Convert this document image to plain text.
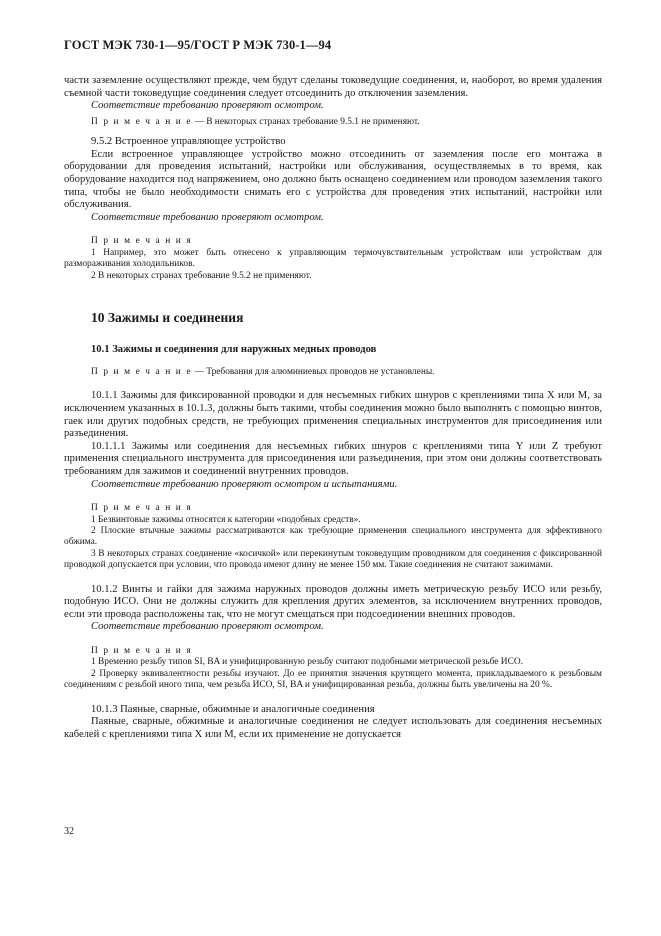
ГОСТ МЭК 730-1—95/ГОСТ Р МЭК 730-1—94

части заземление осуществляют прежде, чем будут сделаны токоведущие соединения, и, наоборот, во время удаления съемной части токоведущие соединения следует отсоединить до отключения заземления.

Соответствие требованию проверяют осмотром.

П р и м е ч а н и е — В некоторых странах требование 9.5.1 не применяют.

9.5.2 Встроенное управляющее устройство

Если встроенное управляющее устройство можно отсоединить от заземления после его монтажа в оборудовании для проведения испытаний, настройки или обслуживания, осуществляемых в то время, как оборудование находится под напряжением, оно должно быть оснащено соединением или проводом заземления такого типа, чтобы не было необходимости снимать его с устройства для проведения этих испытаний, настройки или обслуживания.

Соответствие требованию проверяют осмотром.

П р и м е ч а н и я

1 Например, это может быть отнесено к управляющим термочувствительным устройствам или устройствам для размораживания холодильников.

2 В некоторых странах требование 9.5.2 не применяют.

10 Зажимы и соединения
10.1 Зажимы и соединения для наружных медных проводов

П р и м е ч а н и е — Требования для алюминиевых проводов не установлены.

10.1.1 Зажимы для фиксированной проводки и для несъемных гибких шнуров с креплениями типа X или M, за исключением указанных в 10.1.3, должны быть такими, чтобы соединения можно было выполнять с помощью винтов, гаек или других подобных средств, не требующих применения специальных инструментов для присоединения или разъединения.

10.1.1.1 Зажимы или соединения для несъемных гибких шнуров с креплениями типа Y или Z требуют применения специального инструмента для присоединения или разъединения, при этом они должны соответствовать требованиям для зажимов и соединений внутренних проводов.

Соответствие требованию проверяют осмотром и испытаниями.

П р и м е ч а н и я

1 Безвинтовые зажимы относятся к категории «подобных средств».

2 Плоские втычные зажимы рассматриваются как требующие применения специального инструмента для эффективного обжима.

3 В некоторых странах соединение «косичкой» или перекинутым токоведущим проводником для соединения с фиксированной проводкой допускается при условии, что провода имеют длину не менее 150 мм. Такие соединения не считают зажимами.

10.1.2 Винты и гайки для зажима наружных проводов должны иметь метрическую резьбу ИСО или резьбу, подобную ИСО. Они не должны служить для крепления других элементов, за исключением внутренних проводов, если эти провода расположены так, что не могут смещаться при подсоединении внешних проводов.

Соответствие требованию проверяют осмотром.

П р и м е ч а н и я

1 Временно резьбу типов SI, BA и унифицированную резьбу считают подобными метрической резьбе ИСО.

2 Проверку эквивалентности резьбы изучают. До ее принятия значения крутящего момента, прикладываемого к резьбовым соединениям с резьбой иного типа, чем резьба ИСО, SI, BA и унифицированная резьба, должны быть увеличены на 20 %.

10.1.3 Паяные, сварные, обжимные и аналогичные соединения

Паяные, сварные, обжимные и аналогичные соединения не следует использовать для соединения несъемных кабелей с креплениями типа X или M, если их применение не допускается

32
